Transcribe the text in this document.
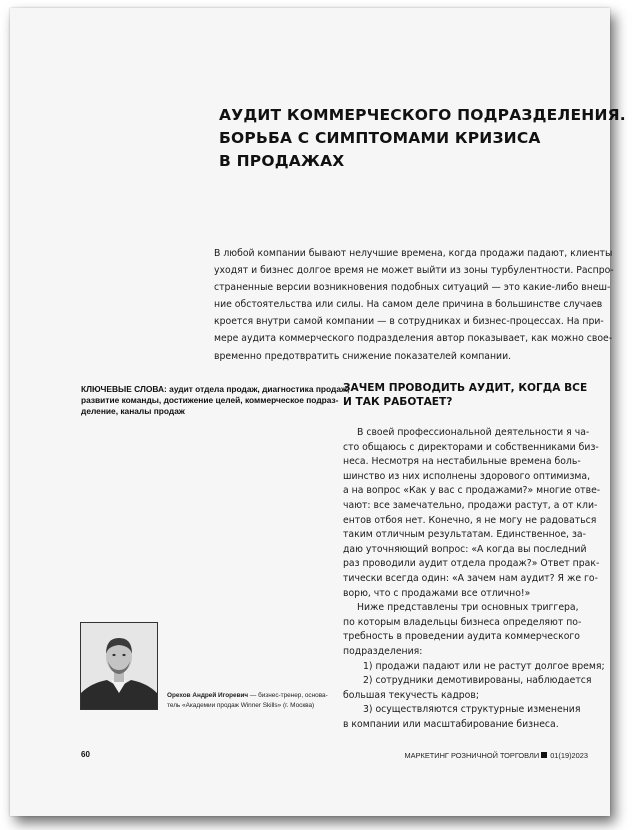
АУДИТ КОММЕРЧЕСКОГО ПОДРАЗДЕЛЕНИЯ.
БОРЬБА С СИМПТОМАМИ КРИЗИСА
В ПРОДАЖАХ

В любой компании бывают нелучшие времена, когда продажи падают, клиенты
уходят и бизнес долгое время не может выйти из зоны турбулентности. Распро-
страненные версии возникновения подобных ситуаций — это какие-либо внеш-
ние обстоятельства или силы. На самом деле причина в большинстве случаев
кроется внутри самой компании — в сотрудниках и бизнес-процессах. На при-
мере аудита коммерческого подразделения автор показывает, как можно свое-
временно предотвратить снижение показателей компании.

КЛЮЧЕВЫЕ СЛОВА: аудит отдела продаж, диагностика продаж,
развитие команды, достижение целей, коммерческое подраз-
деление, каналы продаж

ЗАЧЕМ ПРОВОДИТЬ АУДИТ, КОГДА ВСЕ
И ТАК РАБОТАЕТ?
В своей профессиональной деятельности я ча-
сто общаюсь с директорами и собственниками биз-
неса. Несмотря на нестабильные времена боль-
шинство из них исполнены здорового оптимизма,
а на вопрос «Как у вас с продажами?» многие отве-
чают: все замечательно, продажи растут, а от кли-
ентов отбоя нет. Конечно, я не могу не радоваться
таким отличным результатам. Единственное, за-
даю уточняющий вопрос: «А когда вы последний
раз проводили аудит отдела продаж?» Ответ прак-
тически всегда один: «А зачем нам аудит? Я же го-
ворю, что с продажами все отлично!»
Ниже представлены три основных триггера,
по которым владельцы бизнеса определяют по-
требность в проведении аудита коммерческого
подразделения:
1) продажи падают или не растут долгое время;
2) сотрудники демотивированы, наблюдается
большая текучесть кадров;
3) осуществляются структурные изменения
в компании или масштабирование бизнеса.

Орехов Андрей Игоревич — бизнес-тренер, основа-
тель «Академии продаж Winner Skills» (г. Москва)

60	МАРКЕТИНГ РОЗНИЧНОЙ ТОРГОВЛИ 01(19)2023
